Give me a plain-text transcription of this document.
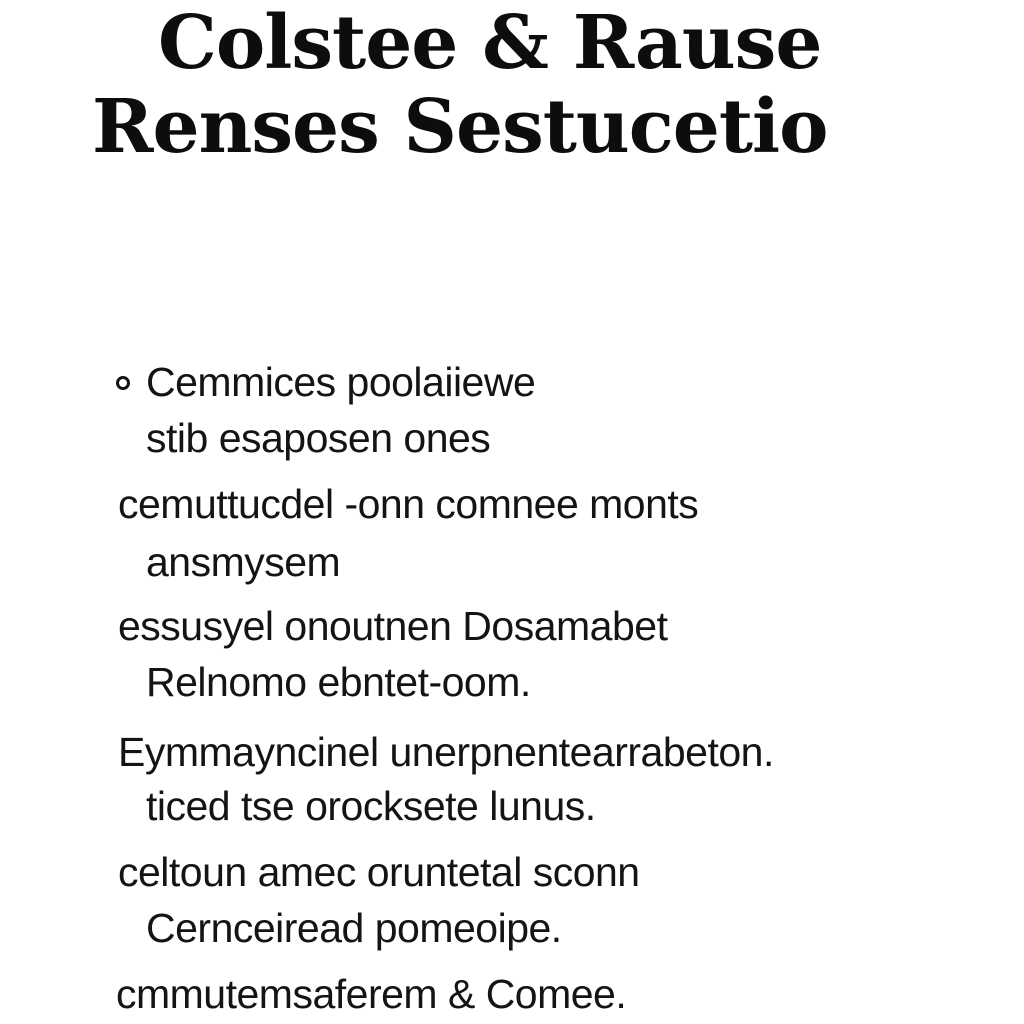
Colstee & Rause
Renses Sestucetio
Cemmices poolaiiewe
stib esaposen ones
cemuttucdel -onn comnee monts
ansmysem
essusyel onoutnen Dosamabet
Relnomo ebntet-oom.
Eymmayncinel unerpnentearrabeton.
ticed tse orocksete lunus.
celtoun amec oruntetal sconn
Cernceiread pomeoipe.
cmmutemsaferem & Comee.
